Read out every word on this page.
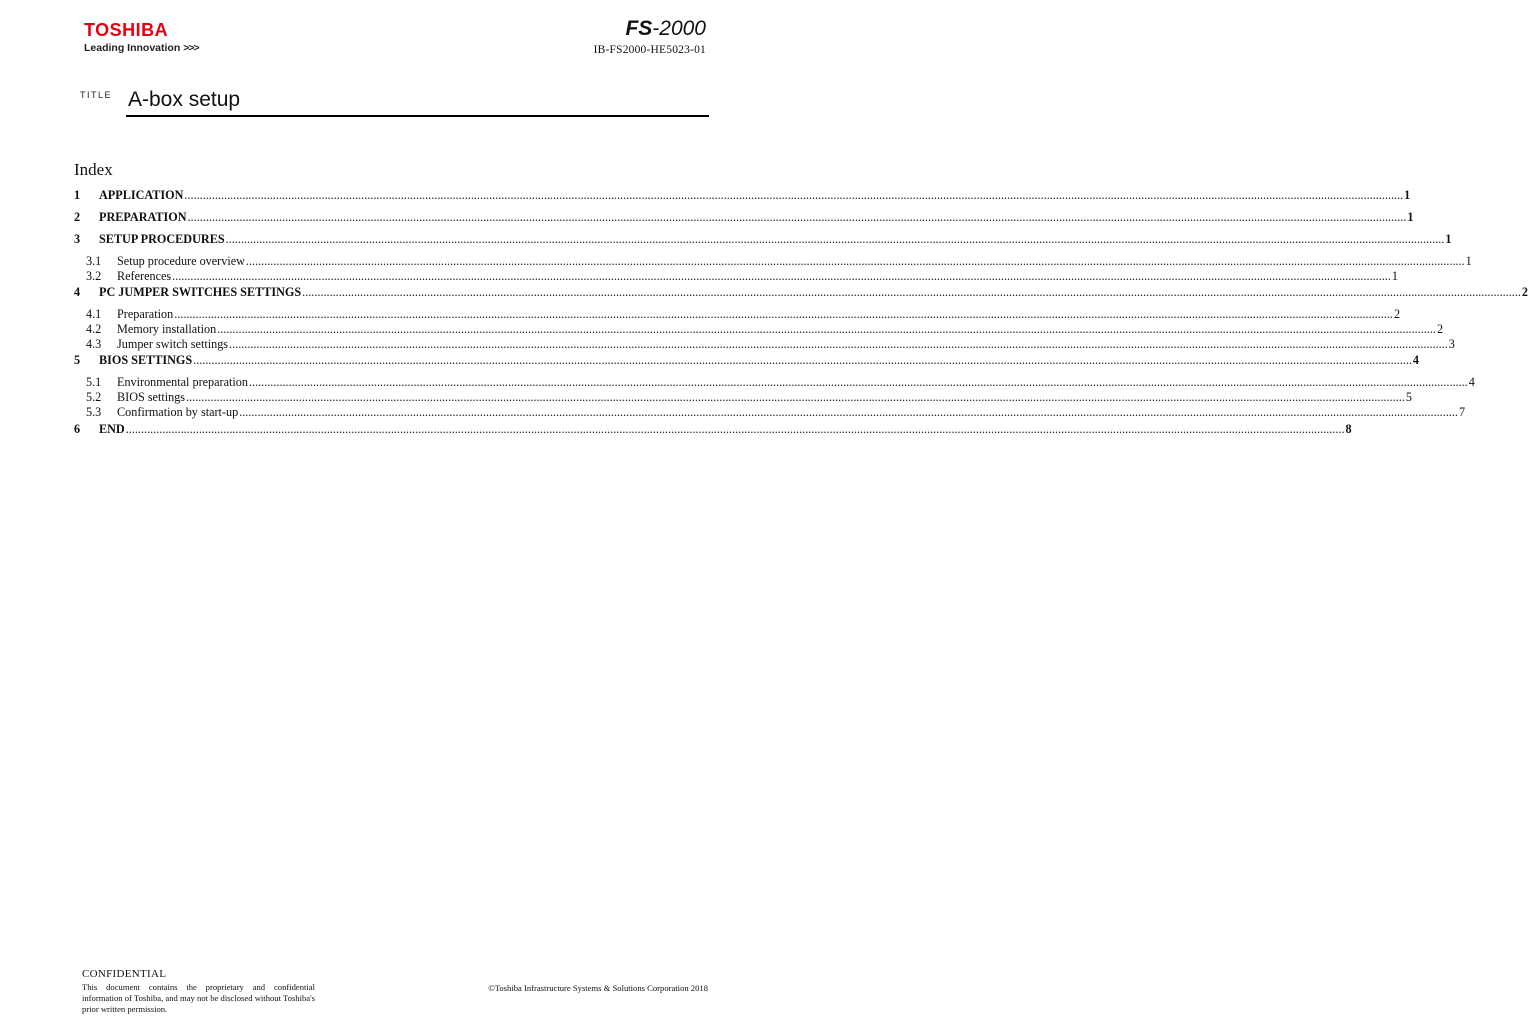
TOSHIBA
Leading Innovation >>>
FS-2000
IB-FS2000-HE5023-01
TITLE A-box setup
Index
1	APPLICATION ................................................................................................................................................................................................................................................................................................................................................................................................................ 1
2	PREPARATION ................................................................................................................................................................................................................................................................................................................................................................................................................ 1
3	SETUP PROCEDURES ................................................................................................................................................................................................................................................................................................................................................................................................................ 1
3.1	Setup procedure overview ................................................................................................................................................................................................................................................................................................................................................................................................................ 1
3.2	References ................................................................................................................................................................................................................................................................................................................................................................................................................ 1
4	PC JUMPER SWITCHES SETTINGS ................................................................................................................................................................................................................................................................................................................................................................................................................ 2
4.1	Preparation ................................................................................................................................................................................................................................................................................................................................................................................................................ 2
4.2	Memory installation ................................................................................................................................................................................................................................................................................................................................................................................................................ 2
4.3	Jumper switch settings ................................................................................................................................................................................................................................................................................................................................................................................................................ 3
5	BIOS SETTINGS ................................................................................................................................................................................................................................................................................................................................................................................................................ 4
5.1	Environmental preparation ................................................................................................................................................................................................................................................................................................................................................................................................................ 4
5.2	BIOS settings ................................................................................................................................................................................................................................................................................................................................................................................................................ 5
5.3	Confirmation by start-up ................................................................................................................................................................................................................................................................................................................................................................................................................ 7
6	END ................................................................................................................................................................................................................................................................................................................................................................................................................ 8
CONFIDENTIAL
This document contains the proprietary and confidential information of Toshiba, and may not be disclosed without Toshiba's prior written permission.
©Toshiba Infrastructure Systems & Solutions Corporation 2018
